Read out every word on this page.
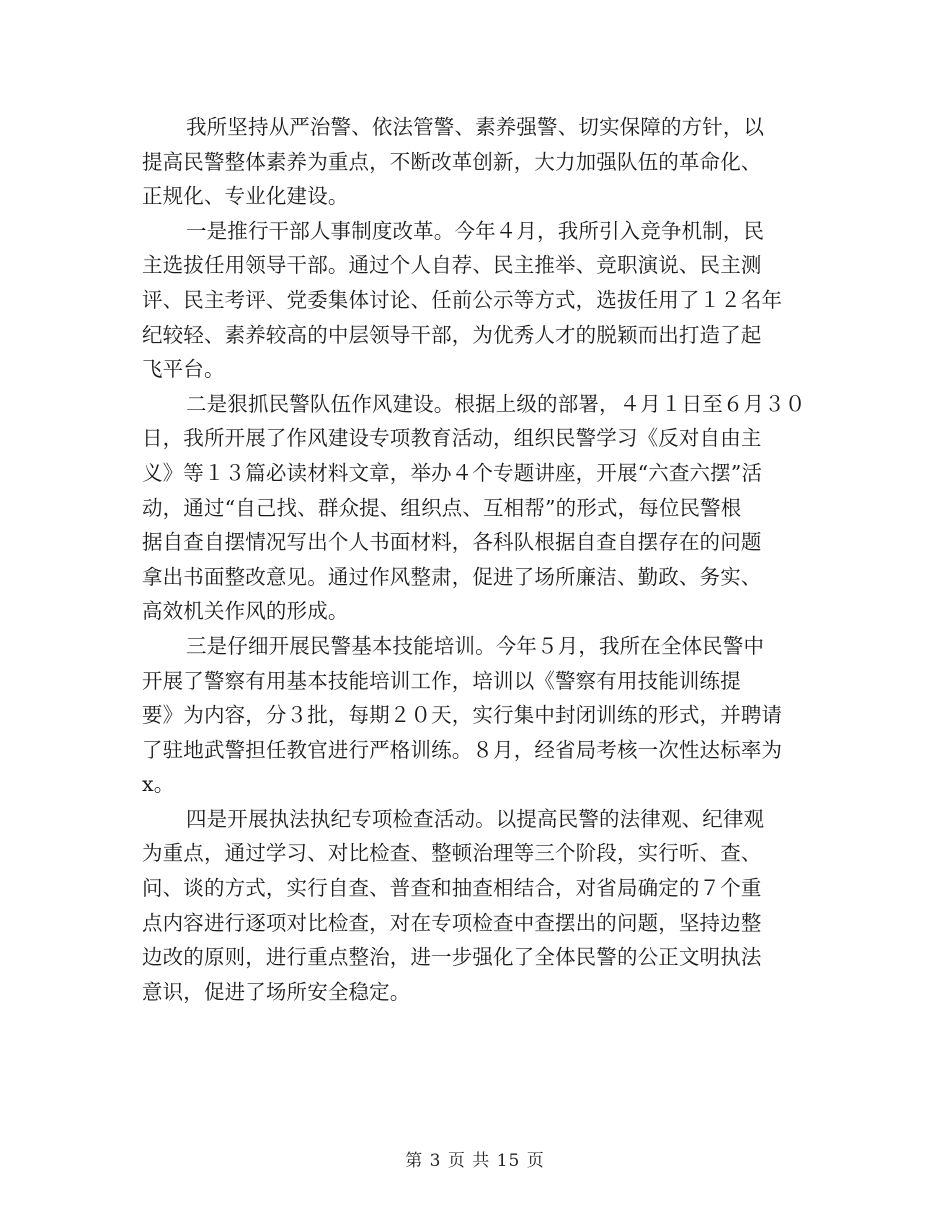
我所坚持从严治警、依法管警、素养强警、切实保障的方针，以
提高民警整体素养为重点，不断改革创新，大力加强队伍的革命化、
正规化、专业化建设。
一是推行干部人事制度改革。今年４月，我所引入竞争机制，民
主选拔任用领导干部。通过个人自荐、民主推举、竞职演说、民主测
评、民主考评、党委集体讨论、任前公示等方式，选拔任用了１２名年
纪较轻、素养较高的中层领导干部，为优秀人才的脱颖而出打造了起
飞平台。
二是狠抓民警队伍作风建设。根据上级的部署，４月１日至６月３０
日，我所开展了作风建设专项教育活动，组织民警学习《反对自由主
义》等１３篇必读材料文章，举办４个专题讲座，开展“六查六摆”活
动，通过“自己找、群众提、组织点、互相帮”的形式，每位民警根
据自查自摆情况写出个人书面材料，各科队根据自查自摆存在的问题
拿出书面整改意见。通过作风整肃，促进了场所廉洁、勤政、务实、
高效机关作风的形成。
三是仔细开展民警基本技能培训。今年５月，我所在全体民警中
开展了警察有用基本技能培训工作，培训以《警察有用技能训练提
要》为内容，分３批，每期２０天，实行集中封闭训练的形式，并聘请
了驻地武警担任教官进行严格训练。８月，经省局考核一次性达标率为
x。
四是开展执法执纪专项检查活动。以提高民警的法律观、纪律观
为重点，通过学习、对比检查、整顿治理等三个阶段，实行听、查、
问、谈的方式，实行自查、普查和抽查相结合，对省局确定的７个重
点内容进行逐项对比检查，对在专项检查中查摆出的问题，坚持边整
边改的原则，进行重点整治，进一步强化了全体民警的公正文明执法
意识，促进了场所安全稳定。
第 3 页 共 15 页
